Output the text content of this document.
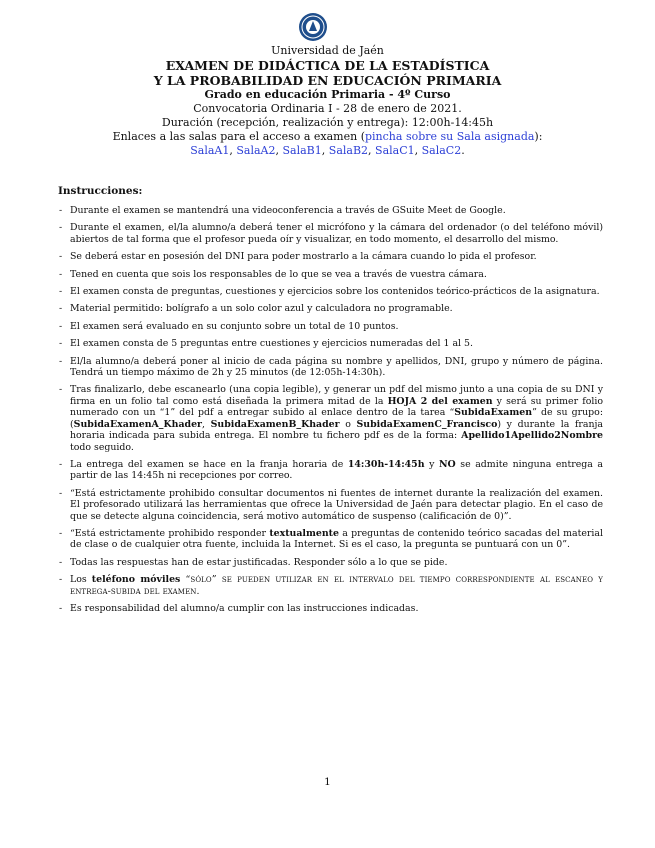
Universidad de Jaén
EXAMEN DE DIDÁCTICA DE LA ESTADÍSTICA
Y LA PROBABILIDAD EN EDUCACIÓN PRIMARIA
Grado en educación Primaria - 4º Curso
Convocatoria Ordinaria I - 28 de enero de 2021.
Duración (recepción, realización y entrega): 12:00h-14:45h
Enlaces a las salas para el acceso a examen (pincha sobre su Sala asignada):
SalaA1, SalaA2, SalaB1, SalaB2, SalaC1, SalaC2.
Instrucciones:
- Durante el examen se mantendrá una videoconferencia a través de GSuite Meet de Google.
- Durante el examen, el/la alumno/a deberá tener el micrófono y la cámara del ordenador (o del teléfono móvil) abiertos de tal forma que el profesor pueda oír y visualizar, en todo momento, el desarrollo del mismo.
- Se deberá estar en posesión del DNI para poder mostrarlo a la cámara cuando lo pida el profesor.
- Tened en cuenta que sois los responsables de lo que se vea a través de vuestra cámara.
- El examen consta de preguntas, cuestiones y ejercicios sobre los contenidos teórico-prácticos de la asignatura.
- Material permitido: bolígrafo a un solo color azul y calculadora no programable.
- El examen será evaluado en su conjunto sobre un total de 10 puntos.
- El examen consta de 5 preguntas entre cuestiones y ejercicios numeradas del 1 al 5.
- El/la alumno/a deberá poner al inicio de cada página su nombre y apellidos, DNI, grupo y número de página. Tendrá un tiempo máximo de 2h y 25 minutos (de 12:05h-14:30h).
- Tras finalizarlo, debe escanearlo (una copia legible), y generar un pdf del mismo junto a una copia de su DNI y firma en un folio tal como está diseñada la primera mitad de la HOJA 2 del examen y será su primer folio numerado con un “1” del pdf a entregar subido al enlace dentro de la tarea “SubidaExamen” de su grupo: (SubidaExamenA_Khader, SubidaExamenB_Khader o SubidaExamenC_Francisco) y durante la franja horaria indicada para subida entrega. El nombre tu fichero pdf es de la forma: Apellido1Apellido2Nombre todo seguido.
- La entrega del examen se hace en la franja horaria de 14:30h-14:45h y NO se admite ninguna entrega a partir de las 14:45h ni recepciones por correo.
- “Está estrictamente prohibido consultar documentos ni fuentes de internet durante la realización del examen. El profesorado utilizará las herramientas que ofrece la Universidad de Jaén para detectar plagio. En el caso de que se detecte alguna coincidencia, será motivo automático de suspenso (calificación de 0)”.
- “Está estrictamente prohibido responder textualmente a preguntas de contenido teórico sacadas del material de clase o de cualquier otra fuente, incluida la Internet. Si es el caso, la pregunta se puntuará con un 0”.
- Todas las respuestas han de estar justificadas. Responder sólo a lo que se pide.
- Los teléfono móviles “sólo” se pueden utilizar en el intervalo del tiempo correspondiente al escaneo y entrega-subida del examen.
- Es responsabilidad del alumno/a cumplir con las instrucciones indicadas.
1
